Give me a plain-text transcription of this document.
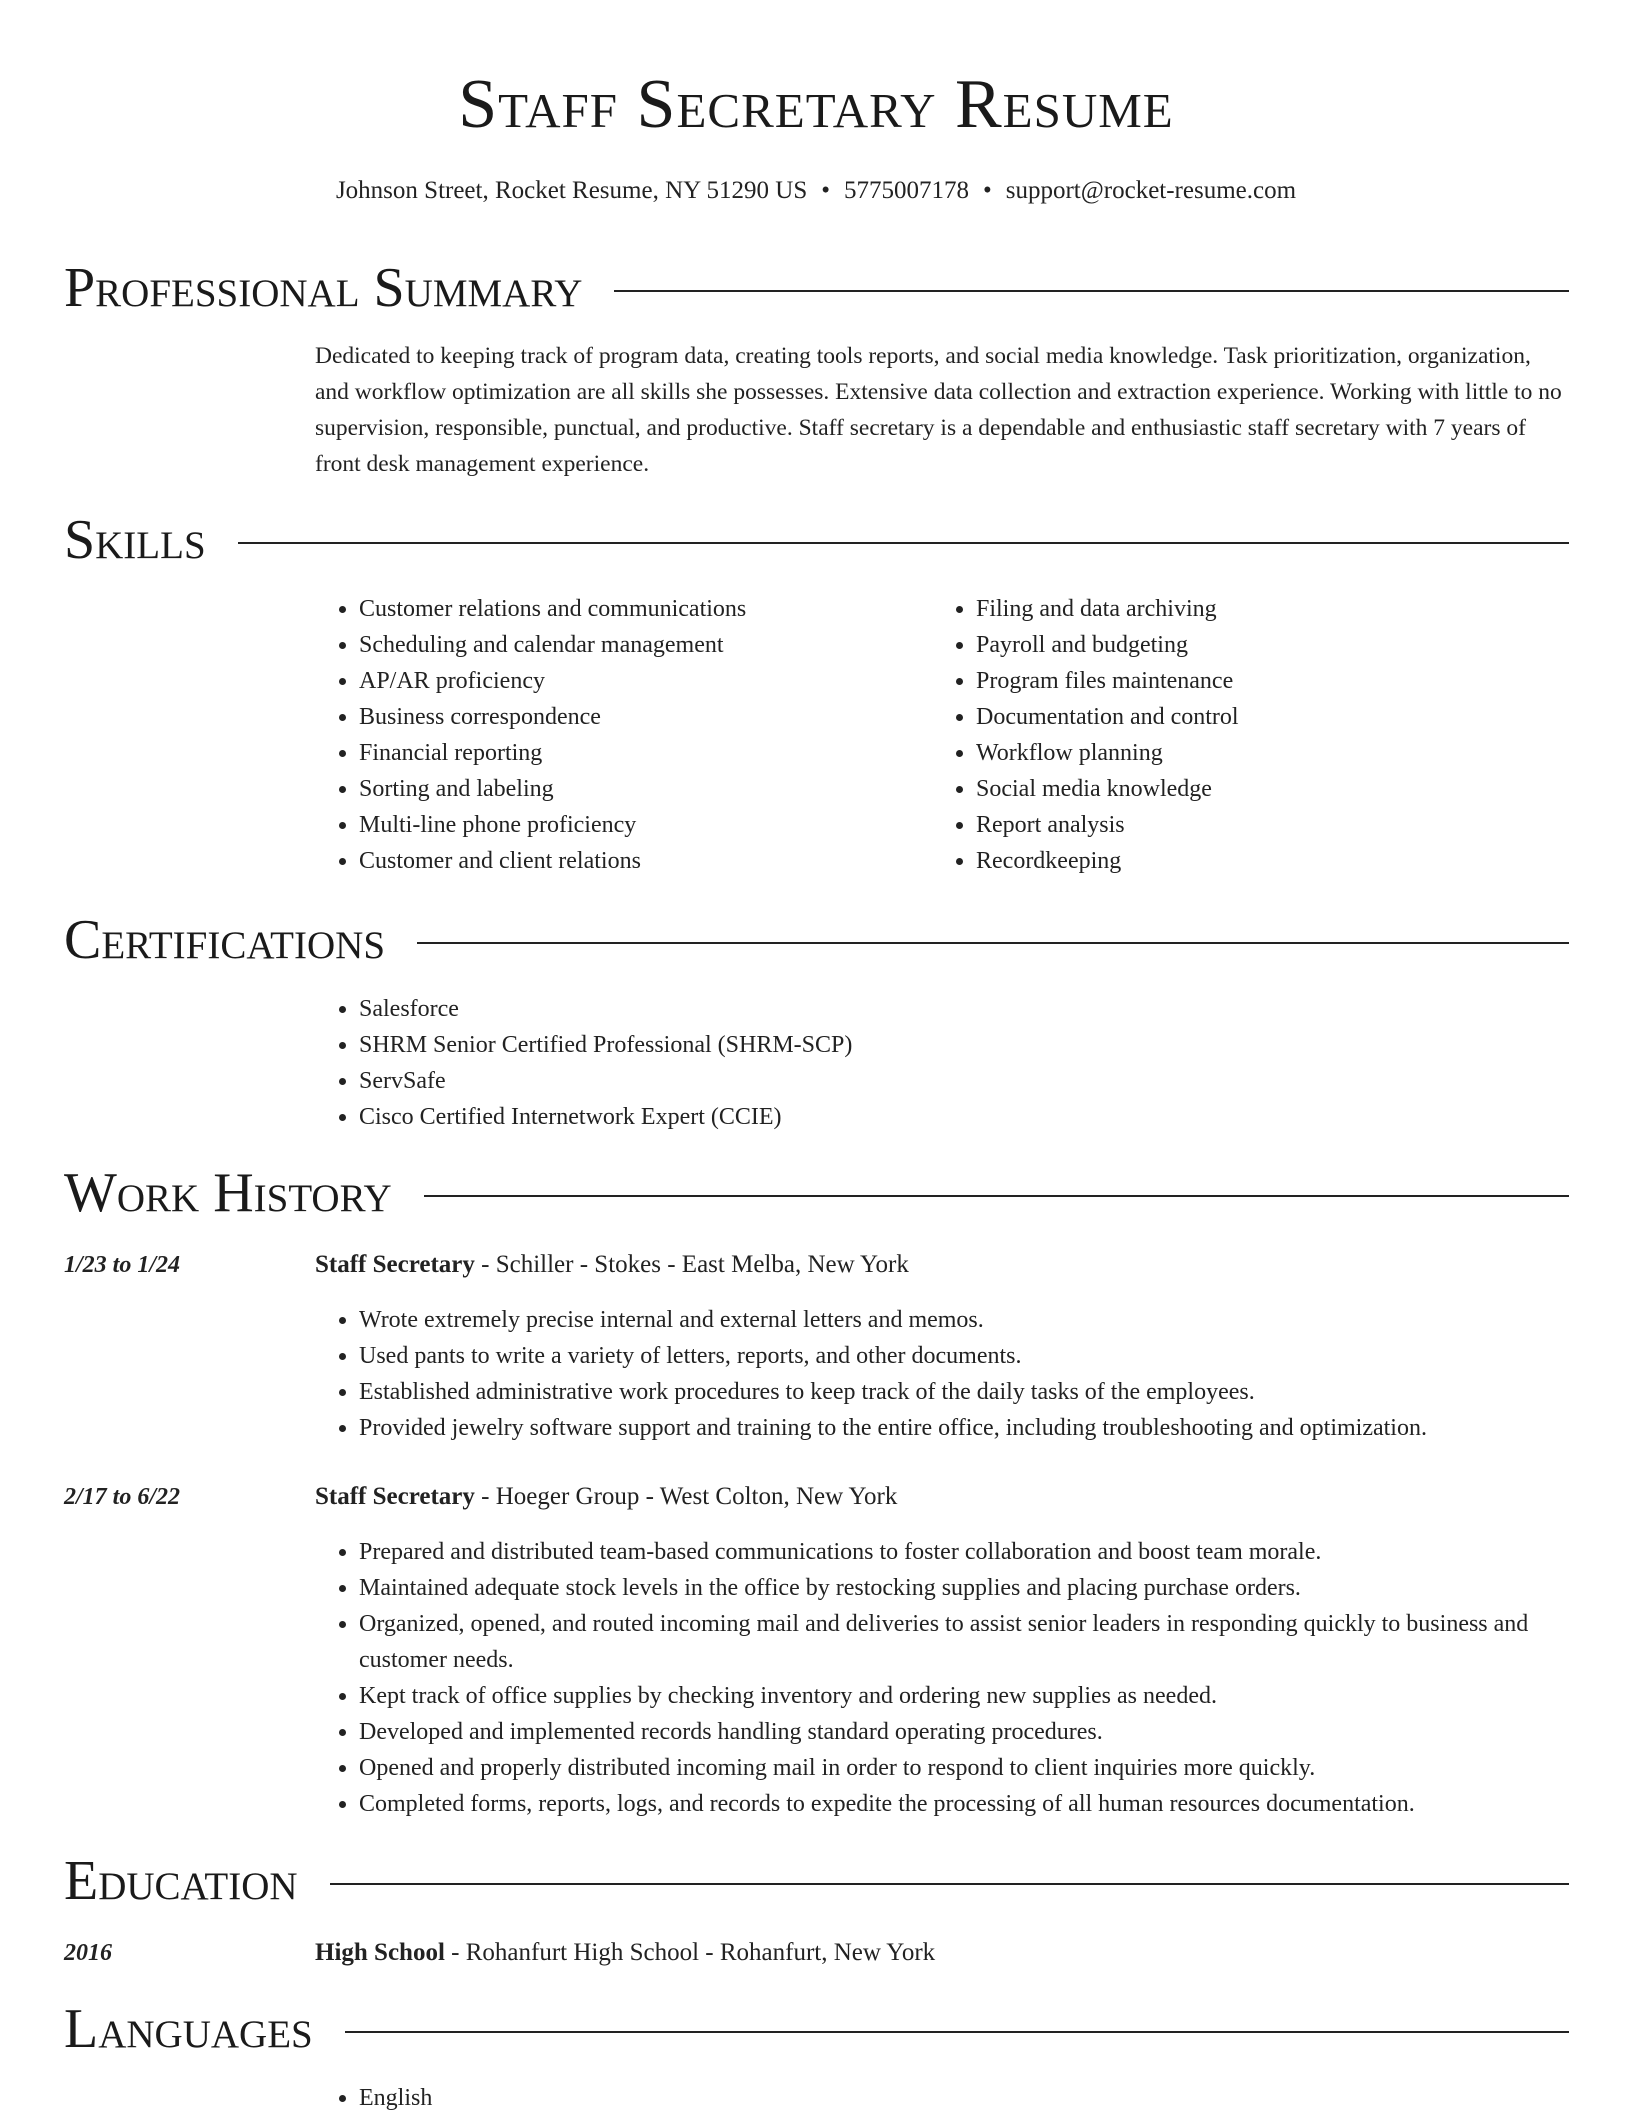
Staff Secretary Resume
Johnson Street, Rocket Resume, NY 51290 US • 5775007178 • support@rocket-resume.com
Professional Summary

Dedicated to keeping track of program data, creating tools reports, and social media knowledge. Task prioritization, organization, and workflow optimization are all skills she possesses. Extensive data collection and extraction experience. Working with little to no supervision, responsible, punctual, and productive. Staff secretary is a dependable and enthusiastic staff secretary with 7 years of front desk management experience.

Skills
• Customer relations and communications
• Scheduling and calendar management
• AP/AR proficiency
• Business correspondence
• Financial reporting
• Sorting and labeling
• Multi-line phone proficiency
• Customer and client relations
• Filing and data archiving
• Payroll and budgeting
• Program files maintenance
• Documentation and control
• Workflow planning
• Social media knowledge
• Report analysis
• Recordkeeping
Certifications
• Salesforce
• SHRM Senior Certified Professional (SHRM-SCP)
• ServSafe
• Cisco Certified Internetwork Expert (CCIE)
Work History
1/23 to 1/24	Staff Secretary - Schiller - Stokes - East Melba, New York
• Wrote extremely precise internal and external letters and memos.
• Used pants to write a variety of letters, reports, and other documents.
• Established administrative work procedures to keep track of the daily tasks of the employees.
• Provided jewelry software support and training to the entire office, including troubleshooting and optimization.
2/17 to 6/22	Staff Secretary - Hoeger Group - West Colton, New York
• Prepared and distributed team-based communications to foster collaboration and boost team morale.
• Maintained adequate stock levels in the office by restocking supplies and placing purchase orders.
• Organized, opened, and routed incoming mail and deliveries to assist senior leaders in responding quickly to business and customer needs.
• Kept track of office supplies by checking inventory and ordering new supplies as needed.
• Developed and implemented records handling standard operating procedures.
• Opened and properly distributed incoming mail in order to respond to client inquiries more quickly.
• Completed forms, reports, logs, and records to expedite the processing of all human resources documentation.
Education
2016	High School - Rohanfurt High School - Rohanfurt, New York
Languages
• English
